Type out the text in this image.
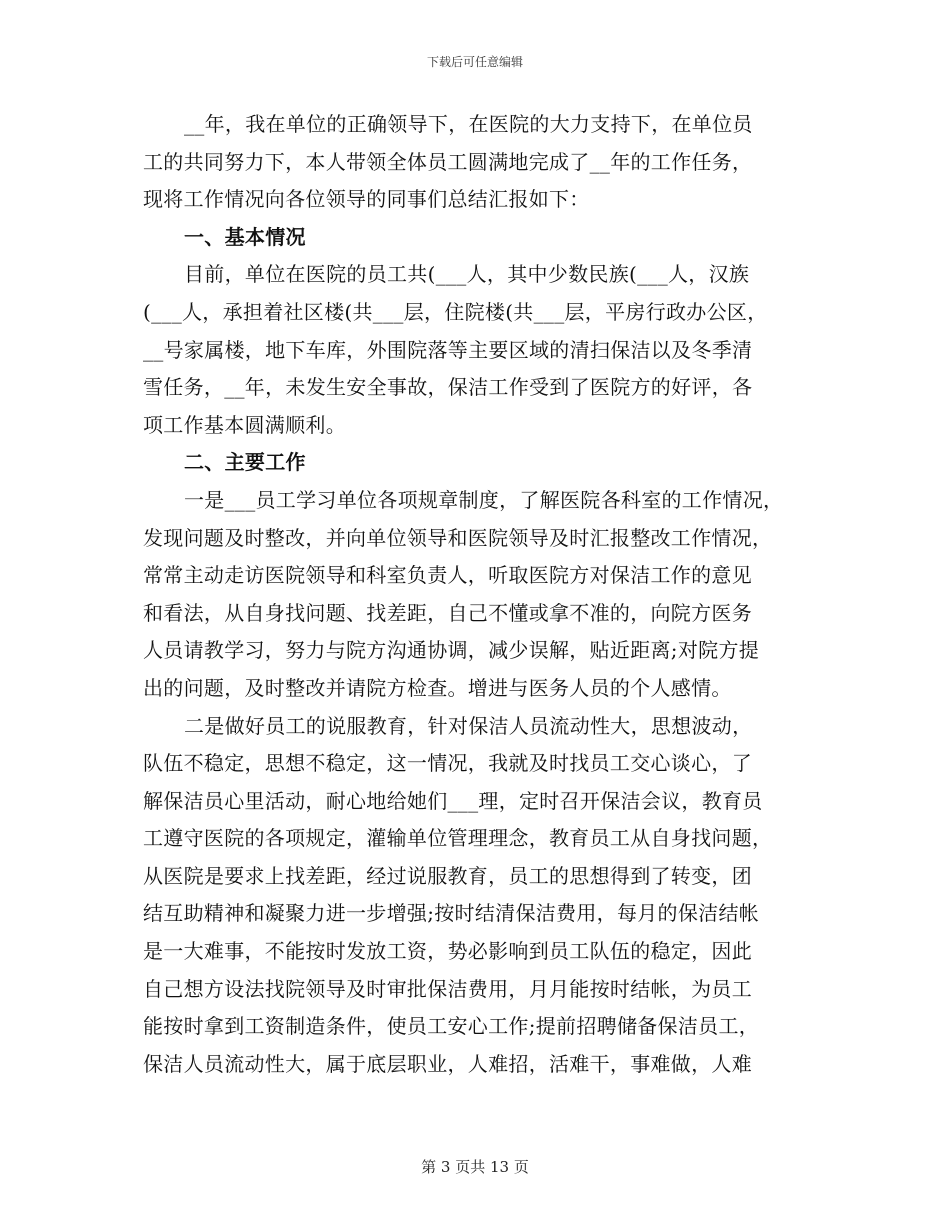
下载后可任意编辑
__年，我在单位的正确领导下，在医院的大力支持下，在单位员
工的共同努力下，本人带领全体员工圆满地完成了__年的工作任务，
现将工作情况向各位领导的同事们总结汇报如下：
一、基本情况
目前，单位在医院的员工共(___人，其中少数民族(___人，汉族
(___人，承担着社区楼(共___层，住院楼(共___层，平房行政办公区，
__号家属楼，地下车库，外围院落等主要区域的清扫保洁以及冬季清
雪任务，__年，未发生安全事故，保洁工作受到了医院方的好评，各
项工作基本圆满顺利。
二、主要工作
一是___员工学习单位各项规章制度，了解医院各科室的工作情况，
发现问题及时整改，并向单位领导和医院领导及时汇报整改工作情况，
常常主动走访医院领导和科室负责人，听取医院方对保洁工作的意见
和看法，从自身找问题、找差距，自己不懂或拿不准的，向院方医务
人员请教学习，努力与院方沟通协调，减少误解，贴近距离;对院方提
出的问题，及时整改并请院方检查。增进与医务人员的个人感情。
二是做好员工的说服教育，针对保洁人员流动性大，思想波动，
队伍不稳定，思想不稳定，这一情况，我就及时找员工交心谈心，了
解保洁员心里活动，耐心地给她们___理，定时召开保洁会议，教育员
工遵守医院的各项规定，灌输单位管理理念，教育员工从自身找问题，
从医院是要求上找差距，经过说服教育，员工的思想得到了转变，团
结互助精神和凝聚力进一步增强;按时结清保洁费用，每月的保洁结帐
是一大难事，不能按时发放工资，势必影响到员工队伍的稳定，因此
自己想方设法找院领导及时审批保洁费用，月月能按时结帐，为员工
能按时拿到工资制造条件，使员工安心工作;提前招聘储备保洁员工，
保洁人员流动性大，属于底层职业，人难招，活难干，事难做，人难
第 3 页共 13 页
